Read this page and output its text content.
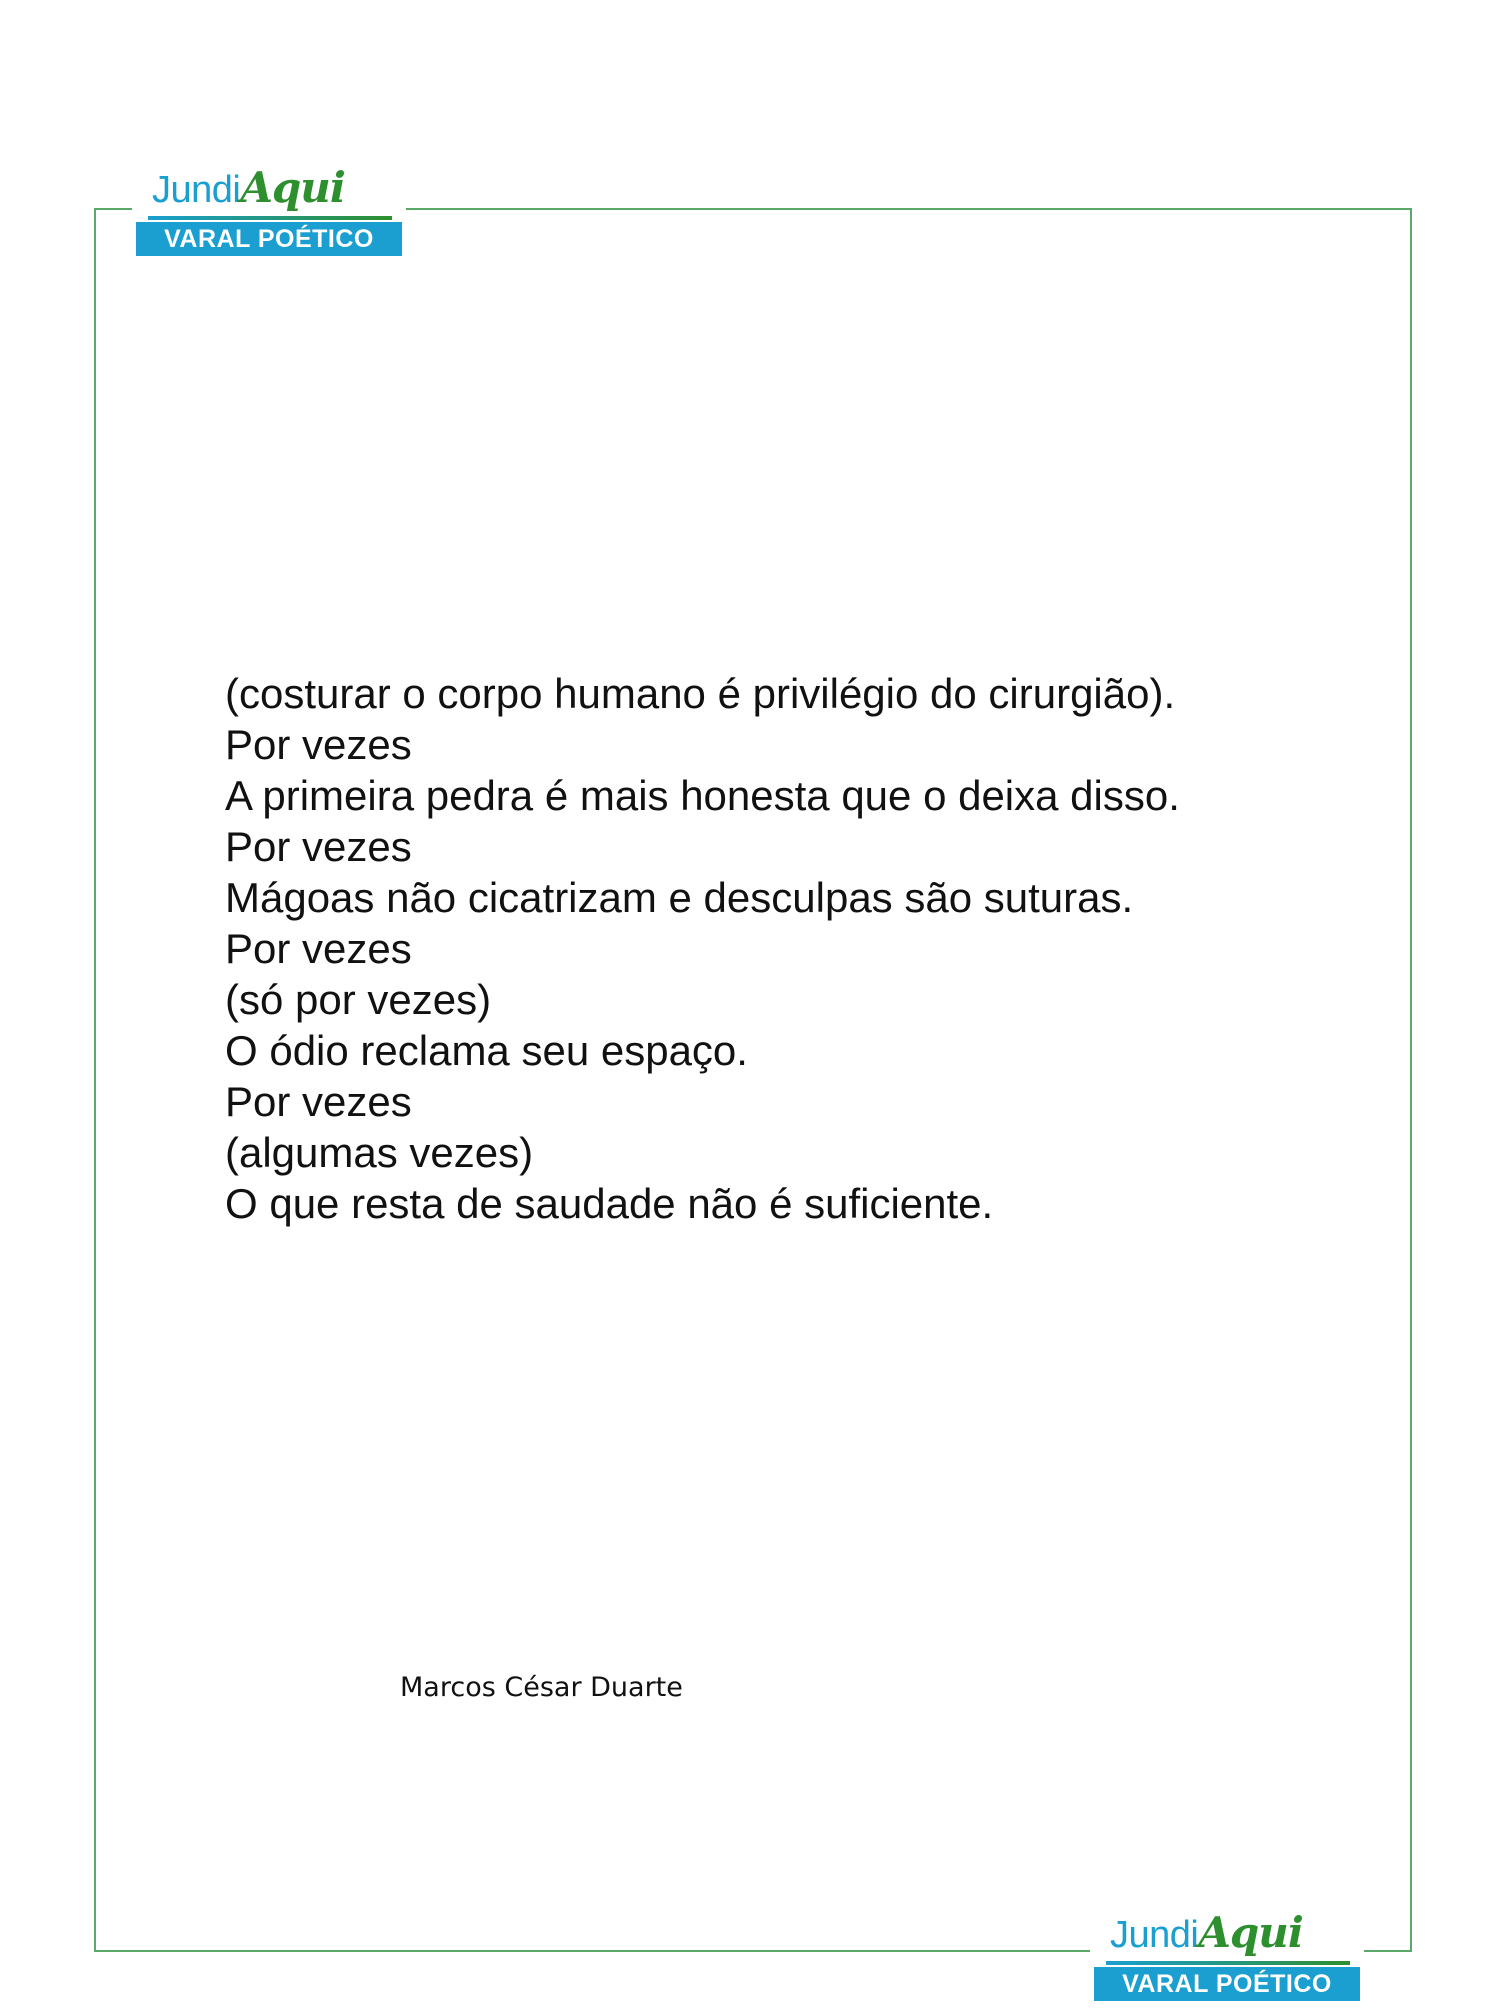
JundiAqui
VARAL POÉTICO
(costurar o corpo humano é privilégio do cirurgião).
Por vezes
A primeira pedra é mais honesta que o deixa disso.
Por vezes
Mágoas não cicatrizam e desculpas são suturas.
Por vezes
(só por vezes)
O ódio reclama seu espaço.
Por vezes
(algumas vezes)
O que resta de saudade não é suficiente.
Marcos César Duarte
JundiAqui
VARAL POÉTICO
